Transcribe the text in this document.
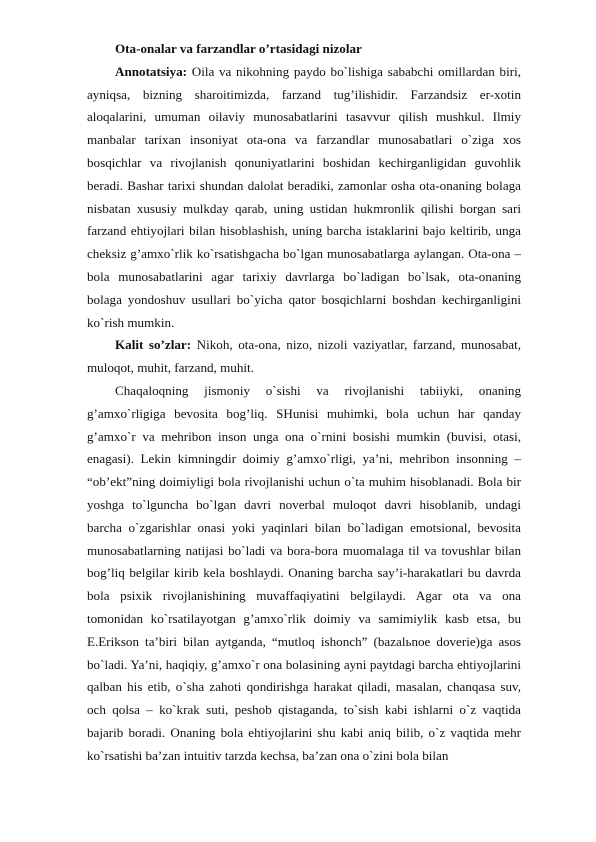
Ota-onalar va farzandlar o’rtasidagi nizolar

Annotatsiya: Oila va nikohning paydo bo`lishiga sababchi omillardan biri, ayniqsa, bizning sharoitimizda, farzand tug’ilishidir. Farzandsiz er-xotin aloqalarini, umuman oilaviy munosabatlarini tasavvur qilish mushkul. Ilmiy manbalar tarixan insoniyat ota-ona va farzandlar munosabatlari o`ziga xos bosqichlar va rivojlanish qonuniyatlarini boshidan kechirganligidan guvohlik beradi. Bashar tarixi shundan dalolat beradiki, zamonlar osha ota-onaning bolaga nisbatan xususiy mulkday qarab, uning ustidan hukmronlik qilishi borgan sari farzand ehtiyojlari bilan hisoblashish, uning barcha istaklarini bajo keltirib, unga cheksiz g’amxo`rlik ko`rsatishgacha bo`lgan munosabatlarga aylangan. Ota-ona – bola munosabatlarini agar tarixiy davrlarga bo`ladigan bo`lsak, ota-onaning bolaga yondoshuv usullari bo`yicha qator bosqichlarni boshdan kechirganligini ko`rish mumkin.

Kalit so’zlar: Nikoh, ota-ona, nizo, nizoli vaziyatlar, farzand, munosabat, muloqot, muhit, farzand, muhit.

Chaqaloqning jismoniy o`sishi va rivojlanishi tabiiyki, onaning g’amxo`rligiga bevosita bog’liq. SHunisi muhimki, bola uchun har qanday g’amxo`r va mehribon inson unga ona o`rnini bosishi mumkin (buvisi, otasi, enagasi). Lekin kimningdir doimiy g’amxo`rligi, ya’ni, mehribon insonning – “ob’ekt”ning doimiyligi bola rivojlanishi uchun o`ta muhim hisoblanadi. Bola bir yoshga to`lguncha bo`lgan davri noverbal muloqot davri hisoblanib, undagi barcha o`zgarishlar onasi yoki yaqinlari bilan bo`ladigan emotsional, bevosita munosabatlarning natijasi bo`ladi va bora-bora muomalaga til va tovushlar bilan bog’liq belgilar kirib kela boshlaydi. Onaning barcha say’i-harakatlari bu davrda bola psixik rivojlanishining muvaffaqiyatini belgilaydi. Agar ota va ona tomonidan ko`rsatilayotgan g’amxo`rlik doimiy va samimiylik kasb etsa, bu E.Erikson ta’biri bilan aytganda, “mutloq ishonch” (bazalьnoe doverie)ga asos bo`ladi. Ya’ni, haqiqiy, g’amxo`r ona bolasining ayni paytdagi barcha ehtiyojlarini qalban his etib, o`sha zahoti qondirishga harakat qiladi, masalan, chanqasa suv, och qolsa – ko`krak suti, peshob qistaganda, to`sish kabi ishlarni o`z vaqtida bajarib boradi. Onaning bola ehtiyojlarini shu kabi aniq bilib, o`z vaqtida mehr ko`rsatishi ba’zan intuitiv tarzda kechsa, ba’zan ona o`zini bola bilan
